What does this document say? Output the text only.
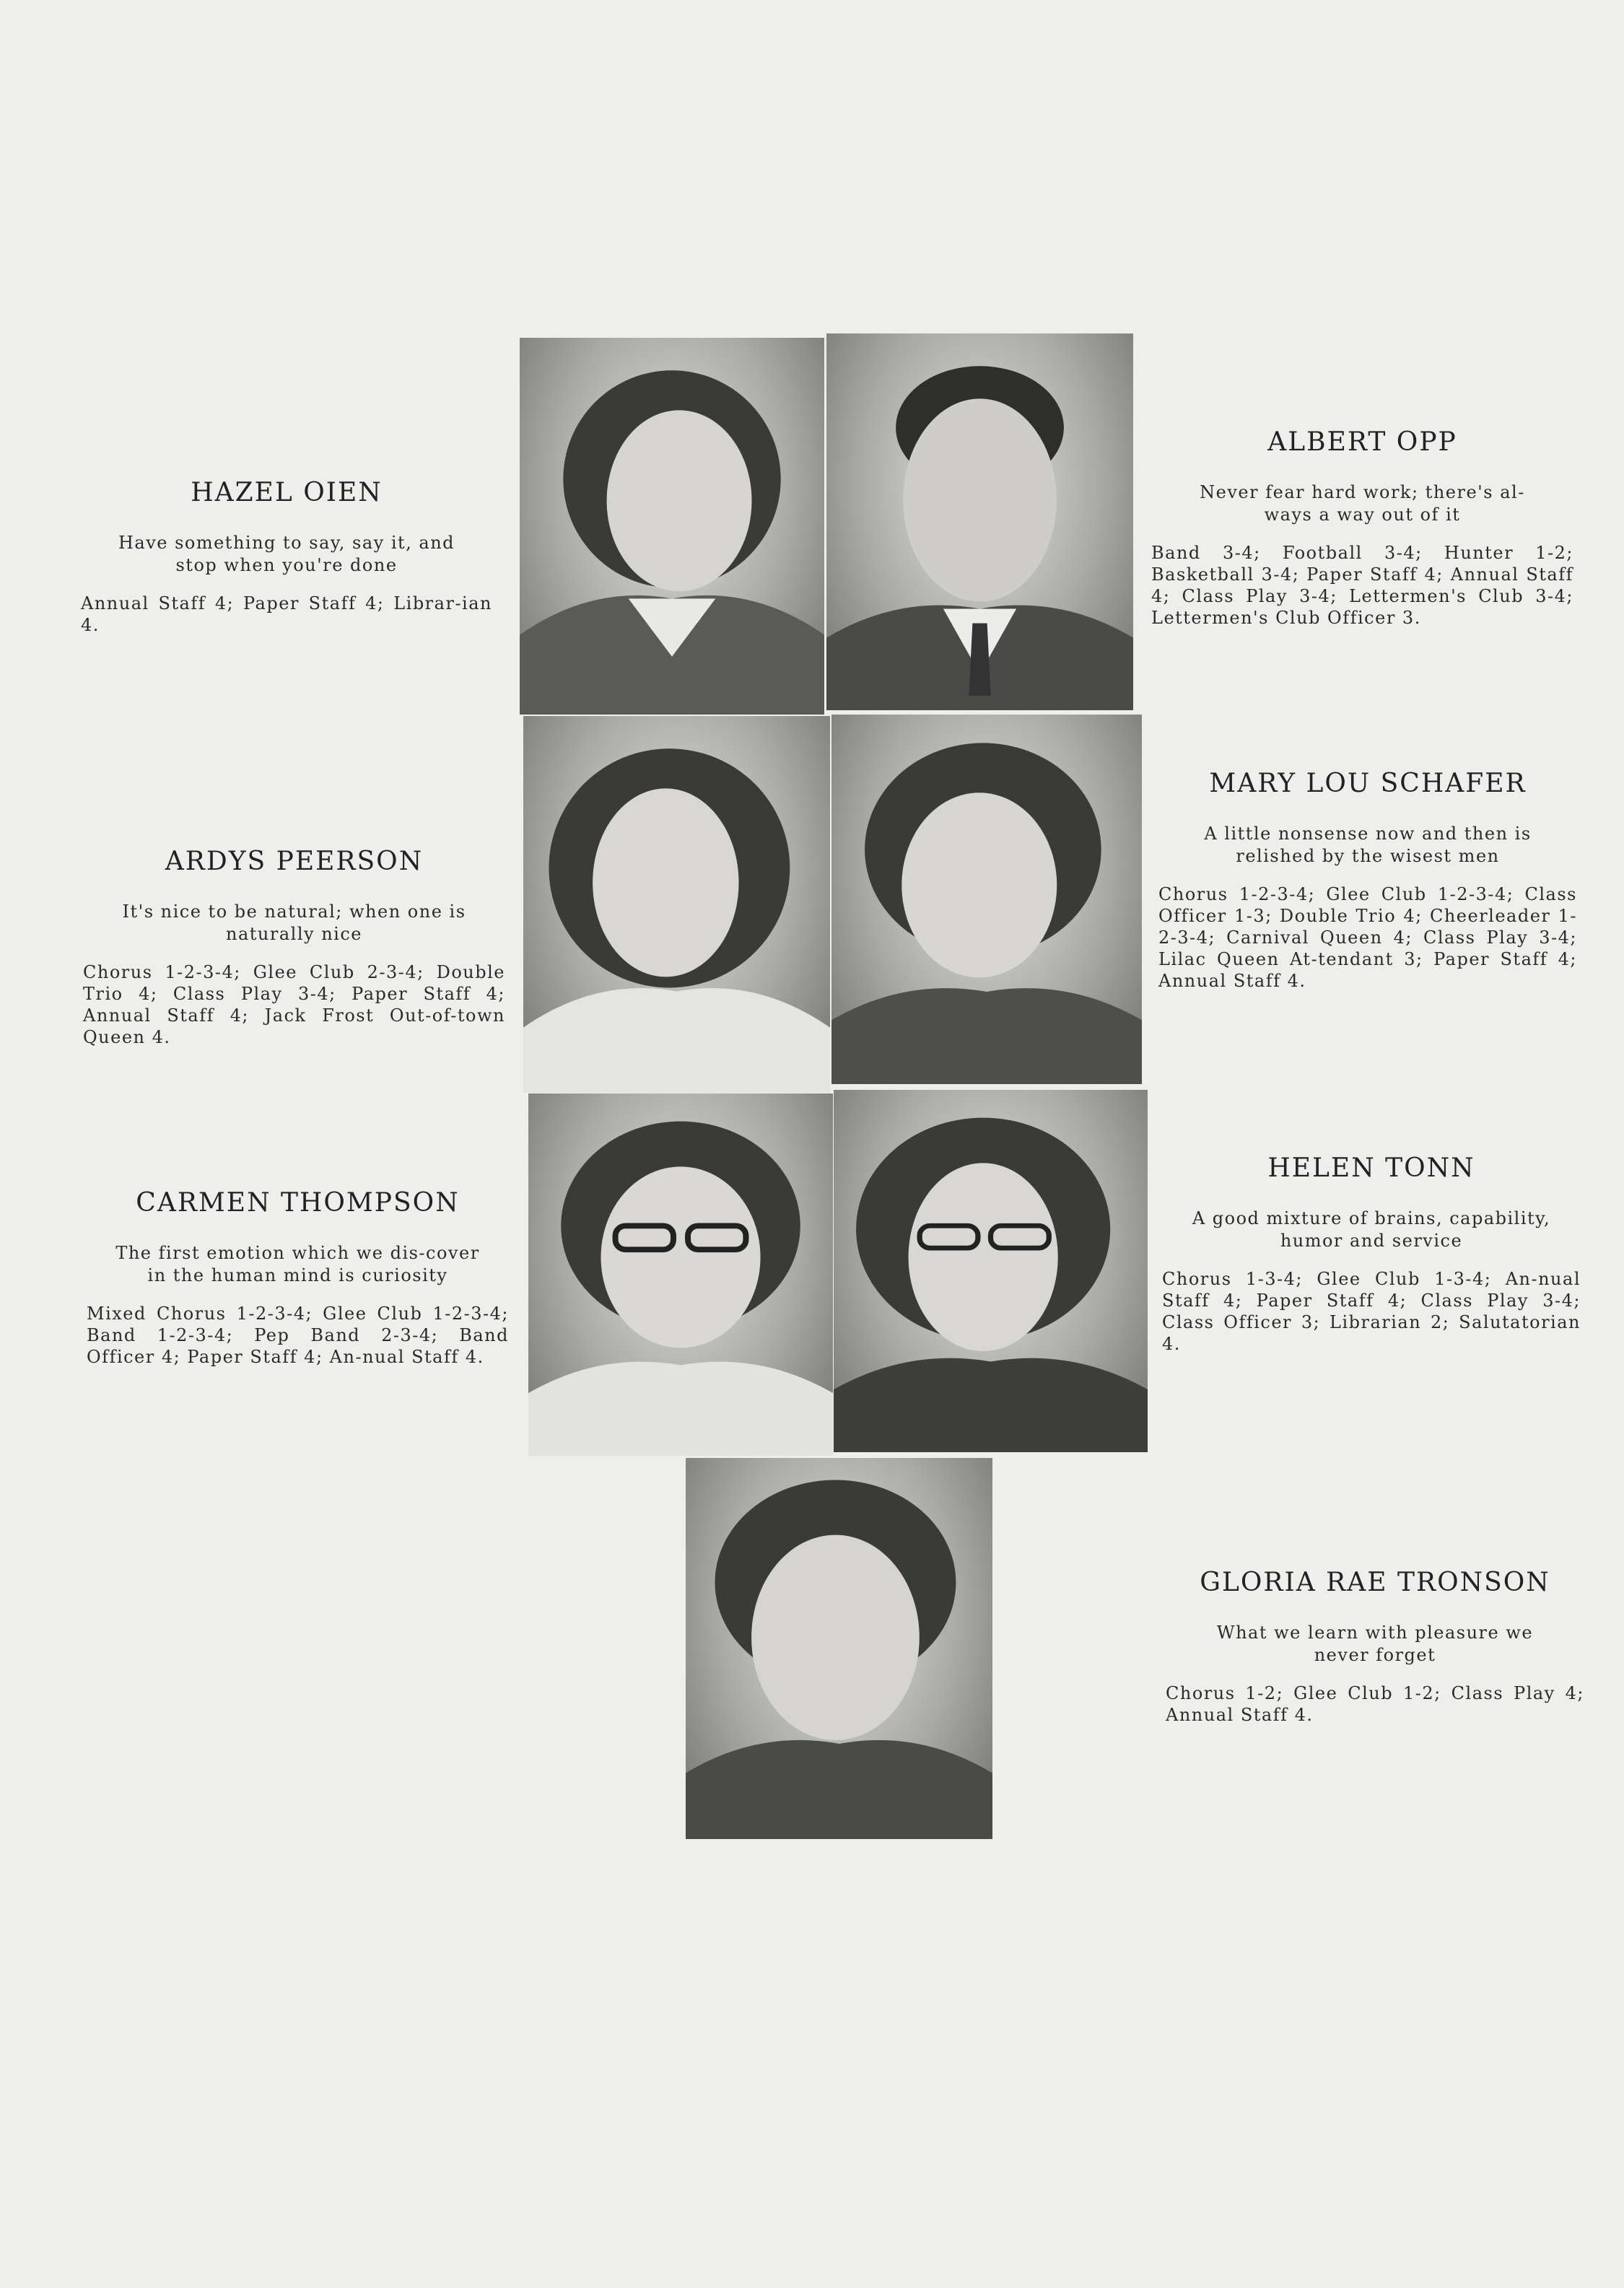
HAZEL OIEN

Have something to say, say it, and stop when you're done

Annual Staff 4; Paper Staff 4; Librar-ian 4.

ALBERT OPP

Never fear hard work; there's al-ways a way out of it

Band 3-4; Football 3-4; Hunter 1-2; Basketball 3-4; Paper Staff 4; Annual Staff 4; Class Play 3-4; Lettermen's Club 3-4; Lettermen's Club Officer 3.

ARDYS PEERSON

It's nice to be natural; when one is naturally nice

Chorus 1-2-3-4; Glee Club 2-3-4; Double Trio 4; Class Play 3-4; Paper Staff 4; Annual Staff 4; Jack Frost Out-of-town Queen 4.

MARY LOU SCHAFER

A little nonsense now and then is relished by the wisest men

Chorus 1-2-3-4; Glee Club 1-2-3-4; Class Officer 1-3; Double Trio 4; Cheerleader 1-2-3-4; Carnival Queen 4; Class Play 3-4; Lilac Queen At-tendant 3; Paper Staff 4; Annual Staff 4.

CARMEN THOMPSON

The first emotion which we dis-cover in the human mind is curiosity

Mixed Chorus 1-2-3-4; Glee Club 1-2-3-4; Band 1-2-3-4; Pep Band 2-3-4; Band Officer 4; Paper Staff 4; An-nual Staff 4.

HELEN TONN

A good mixture of brains, capability, humor and service

Chorus 1-3-4; Glee Club 1-3-4; An-nual Staff 4; Paper Staff 4; Class Play 3-4; Class Officer 3; Librarian 2; Salutatorian 4.

GLORIA RAE TRONSON

What we learn with pleasure we never forget

Chorus 1-2; Glee Club 1-2; Class Play 4; Annual Staff 4.
